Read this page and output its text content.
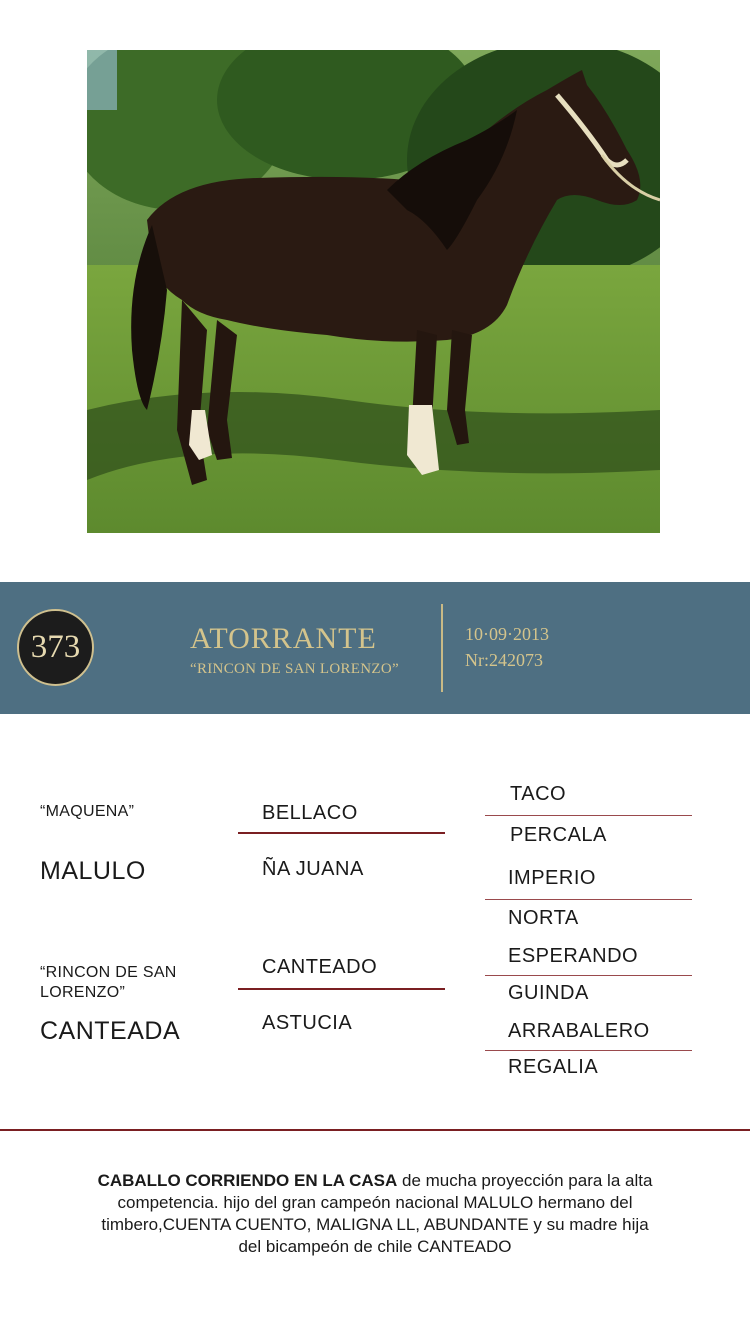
373	ATORRANTE
“RINCON DE SAN LORENZO”
10·09·2013
Nr:242073
“MAQUENA”
MALULO
“RINCON DE SAN LORENZO”
CANTEADA
BELLACO
ÑA JUANA
CANTEADO
ASTUCIA
TACO
PERCALA
IMPERIO
NORTA
ESPERANDO
GUINDA
ARRABALERO
REGALIA
CABALLO CORRIENDO EN LA CASA de mucha proyección para la alta competencia. hijo del gran campeón nacional MALULO hermano del timbero,CUENTA CUENTO, MALIGNA LL, ABUNDANTE y su madre hija del bicampeón de chile CANTEADO
